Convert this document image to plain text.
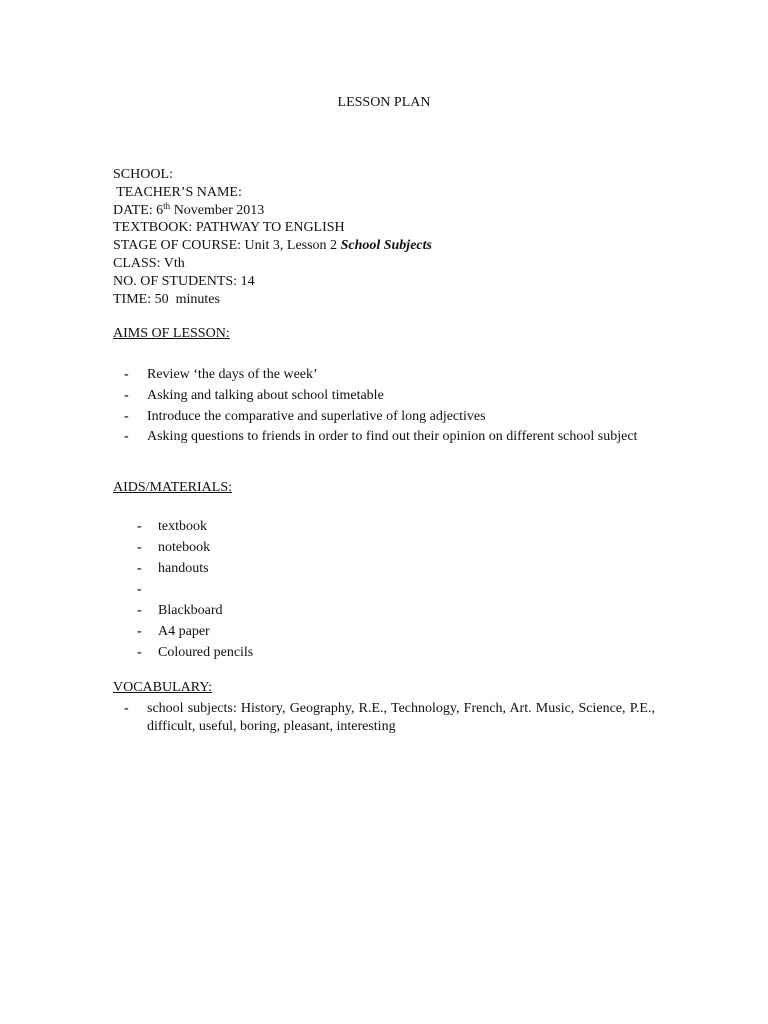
LESSON PLAN
SCHOOL:
TEACHER’S NAME:
DATE: 6th November 2013
TEXTBOOK: PATHWAY TO ENGLISH
STAGE OF COURSE: Unit 3, Lesson 2 School Subjects
CLASS: Vth
NO. OF STUDENTS: 14
TIME: 50  minutes
AIMS OF LESSON:
- Review ‘the days of the week’
- Asking and talking about school timetable
- Introduce the comparative and superlative of long adjectives
- Asking questions to friends in order to find out their opinion on different school subject
AIDS/MATERIALS:
- textbook
- notebook
- handouts
-
- Blackboard
- A4 paper
- Coloured pencils
VOCABULARY:
- school subjects: History, Geography, R.E., Technology, French, Art. Music, Science, P.E., difficult, useful, boring, pleasant, interesting
